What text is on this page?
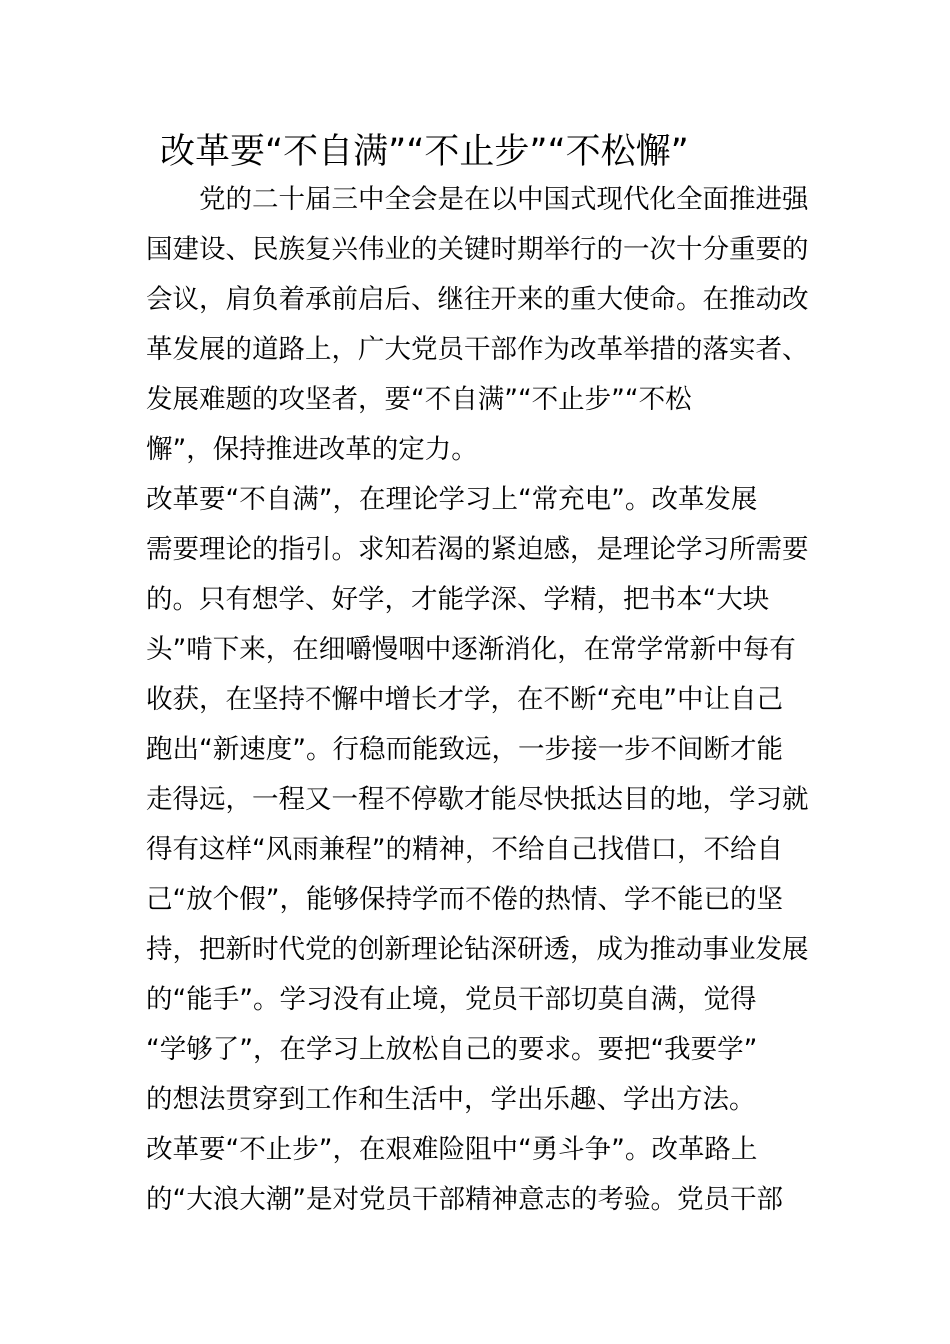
改革要“不自满”“不止步”“不松懈”
　　党的二十届三中全会是在以中国式现代化全面推进强
国建设、民族复兴伟业的关键时期举行的一次十分重要的
会议，肩负着承前启后、继往开来的重大使命。在推动改
革发展的道路上，广大党员干部作为改革举措的落实者、
发展难题的攻坚者，要“不自满”“不止步”“不松
懈”，保持推进改革的定力。
改革要“不自满”，在理论学习上“常充电”。改革发展
需要理论的指引。求知若渴的紧迫感，是理论学习所需要
的。只有想学、好学，才能学深、学精，把书本“大块
头”啃下来，在细嚼慢咽中逐渐消化，在常学常新中每有
收获，在坚持不懈中增长才学，在不断“充电”中让自己
跑出“新速度”。行稳而能致远，一步接一步不间断才能
走得远，一程又一程不停歇才能尽快抵达目的地，学习就
得有这样“风雨兼程”的精神，不给自己找借口，不给自
己“放个假”，能够保持学而不倦的热情、学不能已的坚
持，把新时代党的创新理论钻深研透，成为推动事业发展
的“能手”。学习没有止境，党员干部切莫自满，觉得
“学够了”，在学习上放松自己的要求。要把“我要学”
的想法贯穿到工作和生活中，学出乐趣、学出方法。
改革要“不止步”，在艰难险阻中“勇斗争”。改革路上
的“大浪大潮”是对党员干部精神意志的考验。党员干部
